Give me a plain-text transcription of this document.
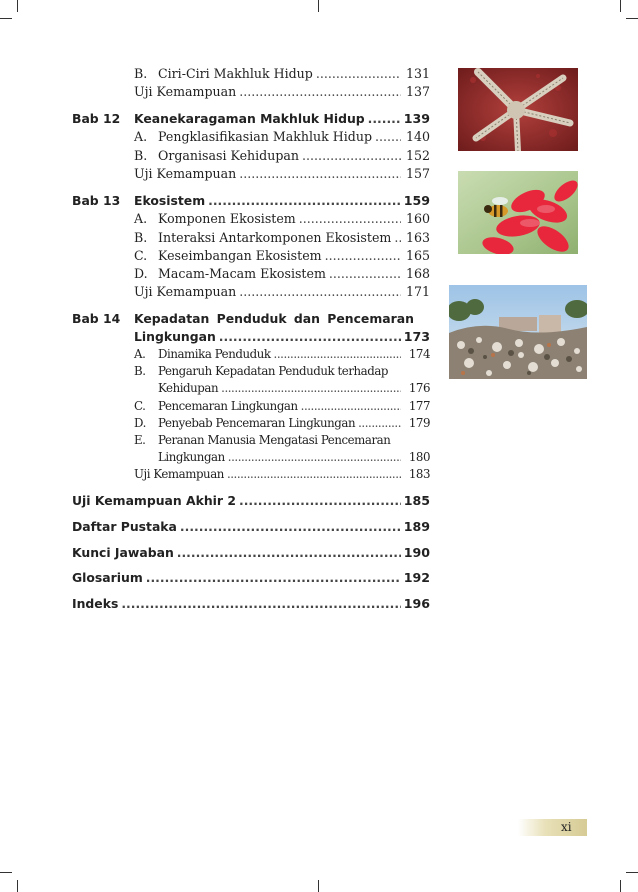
B. Ciri-Ciri Makhluk Hidup .....	131
Uji Kemampuan .....	137
Bab 12 Keanekaragaman Makhluk Hidup .....	139
A. Pengklasifikasian Makhluk Hidup .....	140
B. Organisasi Kehidupan .....	152
Uji Kemampuan .....	157
Bab 13 Ekosistem .....	159
A. Komponen Ekosistem .....	160
B. Interaksi Antarkomponen Ekosistem ..... 163
C. Keseimbangan Ekosistem .....	165
D. Macam-Macam Ekosistem .....	168
Uji Kemampuan .....	171
Bab 14 Kepadatan Penduduk dan Pencemaran
Lingkungan .....	173
A.	Dinamika Penduduk .....	174
B.	Pengaruh Kepadatan Penduduk terhadap
Kehidupan .....	176
C.	Pencemaran Lingkungan .....	177
D.	Penyebab Pencemaran Lingkungan .....	179
E.	Peranan Manusia Mengatasi Pencemaran
Lingkungan .....	180
Uji Kemampuan .....	183
Uji Kemampuan Akhir 2 .....	185
Daftar Pustaka .....	189
Kunci Jawaban .....	190
Glosarium .....	192
Indeks .....	196
xi
